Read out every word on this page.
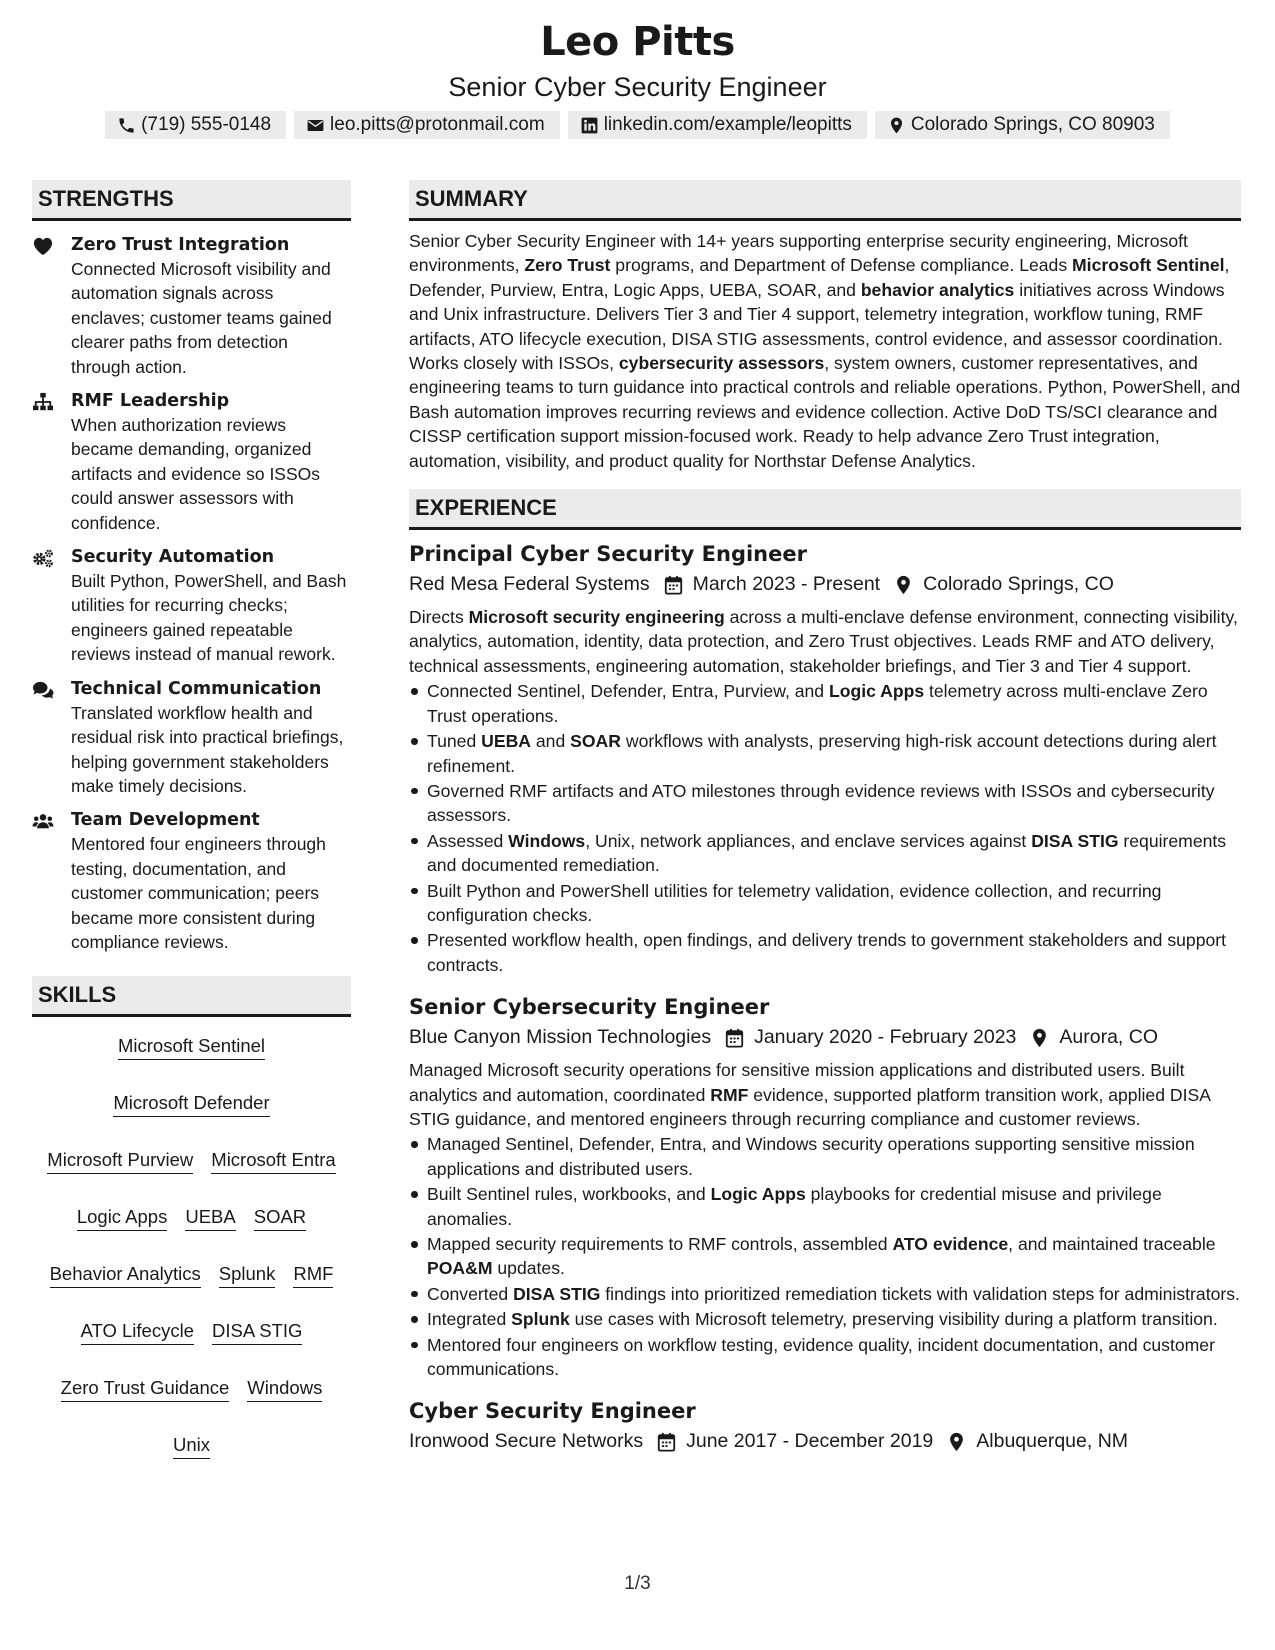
Leo Pitts
Senior Cyber Security Engineer
(719) 555-0148	leo.pitts@protonmail.com	linkedin.com/example/leopitts	Colorado Springs, CO 80903
STRENGTHS
Zero Trust Integration
Connected Microsoft visibility and automation signals across enclaves; customer teams gained clearer paths from detection through action.
RMF Leadership
When authorization reviews became demanding, organized artifacts and evidence so ISSOs could answer assessors with confidence.
Security Automation
Built Python, PowerShell, and Bash utilities for recurring checks; engineers gained repeatable reviews instead of manual rework.
Technical Communication
Translated workflow health and residual risk into practical briefings, helping government stakeholders make timely decisions.
Team Development
Mentored four engineers through testing, documentation, and customer communication; peers became more consistent during compliance reviews.
SKILLS
Microsoft Sentinel
Microsoft Defender
Microsoft Purview Microsoft Entra
Logic Apps UEBA SOAR
Behavior Analytics Splunk RMF
ATO Lifecycle DISA STIG
Zero Trust Guidance Windows
Unix
SUMMARY

Senior Cyber Security Engineer with 14+ years supporting enterprise security engineering, Microsoft environments, Zero Trust programs, and Department of Defense compliance. Leads Microsoft Sentinel, Defender, Purview, Entra, Logic Apps, UEBA, SOAR, and behavior analytics initiatives across Windows and Unix infrastructure. Delivers Tier 3 and Tier 4 support, telemetry integration, workflow tuning, RMF artifacts, ATO lifecycle execution, DISA STIG assessments, control evidence, and assessor coordination. Works closely with ISSOs, cybersecurity assessors, system owners, customer representatives, and engineering teams to turn guidance into practical controls and reliable operations. Python, PowerShell, and Bash automation improves recurring reviews and evidence collection. Active DoD TS/SCI clearance and CISSP certification support mission-focused work. Ready to help advance Zero Trust integration, automation, visibility, and product quality for Northstar Defense Analytics.

EXPERIENCE
Principal Cyber Security Engineer
Red Mesa Federal Systems March 2023 - Present Colorado Springs, CO

Directs Microsoft security engineering across a multi-enclave defense environment, connecting visibility, analytics, automation, identity, data protection, and Zero Trust objectives. Leads RMF and ATO delivery, technical assessments, engineering automation, stakeholder briefings, and Tier 3 and Tier 4 support.

Connected Sentinel, Defender, Entra, Purview, and Logic Apps telemetry across multi-enclave Zero Trust operations.
Tuned UEBA and SOAR workflows with analysts, preserving high-risk account detections during alert refinement.
Governed RMF artifacts and ATO milestones through evidence reviews with ISSOs and cybersecurity assessors.
Assessed Windows, Unix, network appliances, and enclave services against DISA STIG requirements and documented remediation.
Built Python and PowerShell utilities for telemetry validation, evidence collection, and recurring configuration checks.
Presented workflow health, open findings, and delivery trends to government stakeholders and support contracts.
Senior Cybersecurity Engineer
Blue Canyon Mission Technologies January 2020 - February 2023 Aurora, CO

Managed Microsoft security operations for sensitive mission applications and distributed users. Built analytics and automation, coordinated RMF evidence, supported platform transition work, applied DISA STIG guidance, and mentored engineers through recurring compliance and customer reviews.

Managed Sentinel, Defender, Entra, and Windows security operations supporting sensitive mission applications and distributed users.
Built Sentinel rules, workbooks, and Logic Apps playbooks for credential misuse and privilege anomalies.
Mapped security requirements to RMF controls, assembled ATO evidence, and maintained traceable POA&M updates.
Converted DISA STIG findings into prioritized remediation tickets with validation steps for administrators.
Integrated Splunk use cases with Microsoft telemetry, preserving visibility during a platform transition.
Mentored four engineers on workflow testing, evidence quality, incident documentation, and customer communications.
Cyber Security Engineer
Ironwood Secure Networks June 2017 - December 2019 Albuquerque, NM
1/3
